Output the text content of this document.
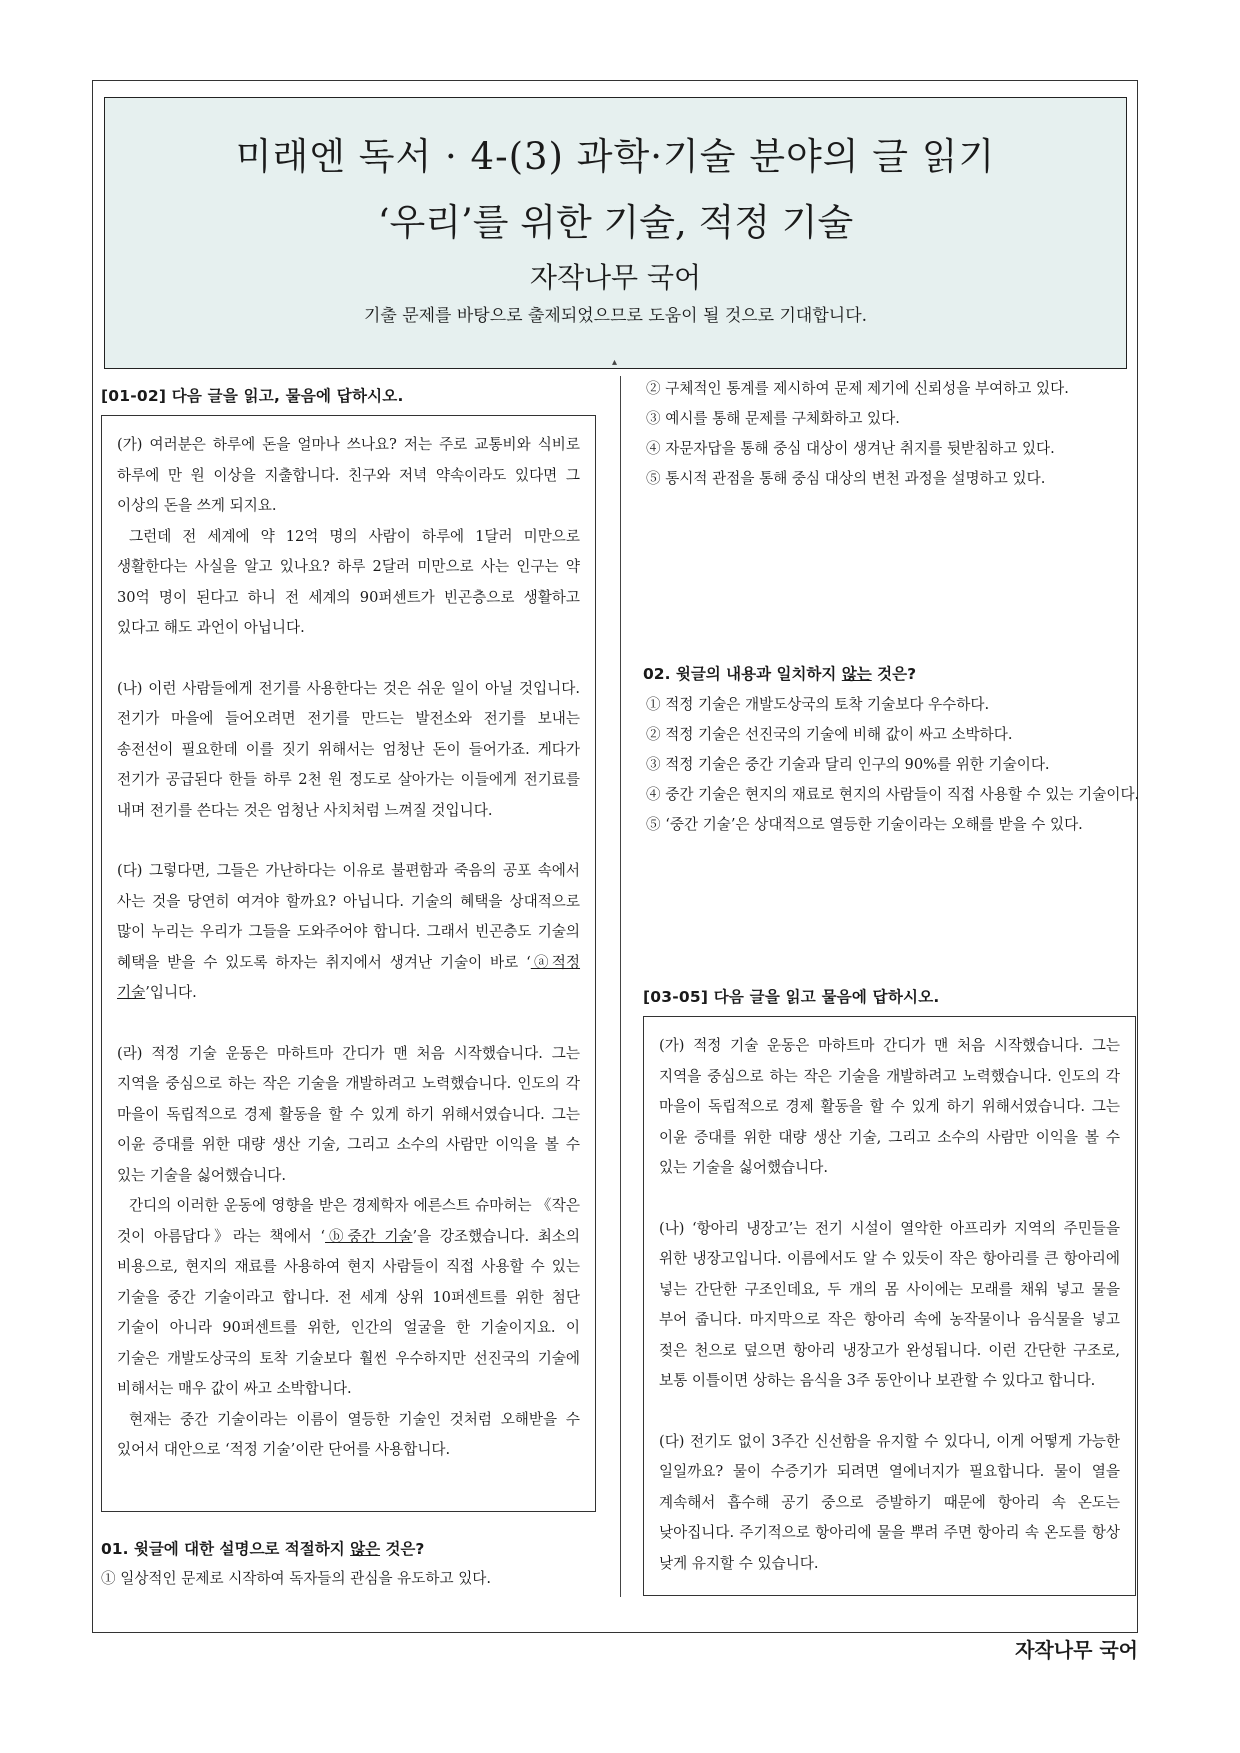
미래엔 독서 · 4-(3) 과학·기술 분야의 글 읽기
‘우리’를 위한 기술, 적정 기술
자작나무 국어
기출 문제를 바탕으로 출제되었으므로 도움이 될 것으로 기대합니다.
▴
[01-02] 다음 글을 읽고, 물음에 답하시오.

(가) 여러분은 하루에 돈을 얼마나 쓰나요? 저는 주로 교통비와 식비로 하루에 만 원 이상을 지출합니다. 친구와 저녁 약속이라도 있다면 그 이상의 돈을 쓰게 되지요.

그런데 전 세계에 약 12억 명의 사람이 하루에 1달러 미만으로 생활한다는 사실을 알고 있나요? 하루 2달러 미만으로 사는 인구는 약 30억 명이 된다고 하니 전 세계의 90퍼센트가 빈곤층으로 생활하고 있다고 해도 과언이 아닙니다.

(나) 이런 사람들에게 전기를 사용한다는 것은 쉬운 일이 아닐 것입니다. 전기가 마을에 들어오려면 전기를 만드는 발전소와 전기를 보내는 송전선이 필요한데 이를 짓기 위해서는 엄청난 돈이 들어가죠. 게다가 전기가 공급된다 한들 하루 2천 원 정도로 살아가는 이들에게 전기료를 내며 전기를 쓴다는 것은 엄청난 사치처럼 느껴질 것입니다.

(다) 그렇다면, 그들은 가난하다는 이유로 불편함과 죽음의 공포 속에서 사는 것을 당연히 여겨야 할까요? 아닙니다. 기술의 혜택을 상대적으로 많이 누리는 우리가 그들을 도와주어야 합니다. 그래서 빈곤층도 기술의 혜택을 받을 수 있도록 하자는 취지에서 생겨난 기술이 바로 ‘ⓐ적정 기술’입니다.

(라) 적정 기술 운동은 마하트마 간디가 맨 처음 시작했습니다. 그는 지역을 중심으로 하는 작은 기술을 개발하려고 노력했습니다. 인도의 각 마을이 독립적으로 경제 활동을 할 수 있게 하기 위해서였습니다. 그는 이윤 증대를 위한 대량 생산 기술, 그리고 소수의 사람만 이익을 볼 수 있는 기술을 싫어했습니다.

간디의 이러한 운동에 영향을 받은 경제학자 에른스트 슈마허는 《작은 것이 아름답다》라는 책에서 ‘ⓑ중간 기술’을 강조했습니다. 최소의 비용으로, 현지의 재료를 사용하여 현지 사람들이 직접 사용할 수 있는 기술을 중간 기술이라고 합니다. 전 세계 상위 10퍼센트를 위한 첨단 기술이 아니라 90퍼센트를 위한, 인간의 얼굴을 한 기술이지요. 이 기술은 개발도상국의 토착 기술보다 훨씬 우수하지만 선진국의 기술에 비해서는 매우 값이 싸고 소박합니다.

현재는 중간 기술이라는 이름이 열등한 기술인 것처럼 오해받을 수 있어서 대안으로 ‘적정 기술’이란 단어를 사용합니다.

01. 윗글에 대한 설명으로 적절하지 않은 것은?
① 일상적인 문제로 시작하여 독자들의 관심을 유도하고 있다.
② 구체적인 통계를 제시하여 문제 제기에 신뢰성을 부여하고 있다.
③ 예시를 통해 문제를 구체화하고 있다.
④ 자문자답을 통해 중심 대상이 생겨난 취지를 뒷받침하고 있다.
⑤ 통시적 관점을 통해 중심 대상의 변천 과정을 설명하고 있다.
02. 윗글의 내용과 일치하지 않는 것은?
① 적정 기술은 개발도상국의 토착 기술보다 우수하다.
② 적정 기술은 선진국의 기술에 비해 값이 싸고 소박하다.
③ 적정 기술은 중간 기술과 달리 인구의 90%를 위한 기술이다.
④ 중간 기술은 현지의 재료로 현지의 사람들이 직접 사용할 수 있는 기술이다.
⑤ ‘중간 기술’은 상대적으로 열등한 기술이라는 오해를 받을 수 있다.
[03-05] 다음 글을 읽고 물음에 답하시오.

(가) 적정 기술 운동은 마하트마 간디가 맨 처음 시작했습니다. 그는 지역을 중심으로 하는 작은 기술을 개발하려고 노력했습니다. 인도의 각 마을이 독립적으로 경제 활동을 할 수 있게 하기 위해서였습니다. 그는 이윤 증대를 위한 대량 생산 기술, 그리고 소수의 사람만 이익을 볼 수 있는 기술을 싫어했습니다.

(나) ‘항아리 냉장고’는 전기 시설이 열악한 아프리카 지역의 주민들을 위한 냉장고입니다. 이름에서도 알 수 있듯이 작은 항아리를 큰 항아리에 넣는 간단한 구조인데요, 두 개의 몸 사이에는 모래를 채워 넣고 물을 부어 줍니다. 마지막으로 작은 항아리 속에 농작물이나 음식물을 넣고 젖은 천으로 덮으면 항아리 냉장고가 완성됩니다. 이런 간단한 구조로, 보통 이틀이면 상하는 음식을 3주 동안이나 보관할 수 있다고 합니다.

(다) 전기도 없이 3주간 신선함을 유지할 수 있다니, 이게 어떻게 가능한 일일까요? 물이 수증기가 되려면 열에너지가 필요합니다. 물이 열을 계속해서 흡수해 공기 중으로 증발하기 때문에 항아리 속 온도는 낮아집니다. 주기적으로 항아리에 물을 뿌려 주면 항아리 속 온도를 항상 낮게 유지할 수 있습니다.

자작나무 국어
